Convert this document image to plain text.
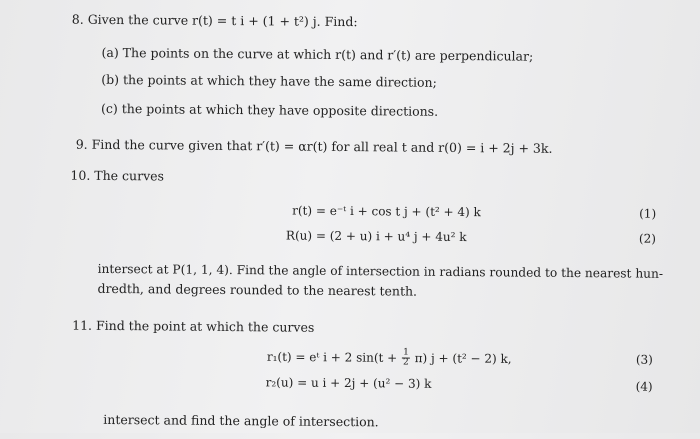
8. Given the curve r(t) = t i + (1 + t²) j. Find:
(a) The points on the curve at which r(t) and r′(t) are perpendicular;
(b) the points at which they have the same direction;
(c) the points at which they have opposite directions.
9. Find the curve given that r′(t) = αr(t) for all real t and r(0) = i + 2j + 3k.
10. The curves
r(t) = e⁻ᵗ i + cos t j + (t² + 4) k	(1)
R(u) = (2 + u) i + u⁴ j + 4u² k	(2)
intersect at P(1, 1, 4). Find the angle of intersection in radians rounded to the nearest hun-
dredth, and degrees rounded to the nearest tenth.
11. Find the point at which the curves
r₁(t) = eᵗ i + 2 $\sin(t + \frac{1}{2} \pi)$ j + (t² − 2) k,	(3)
r₂(u) = u i + 2j + (u² − 3) k	(4)
intersect and find the angle of intersection.
